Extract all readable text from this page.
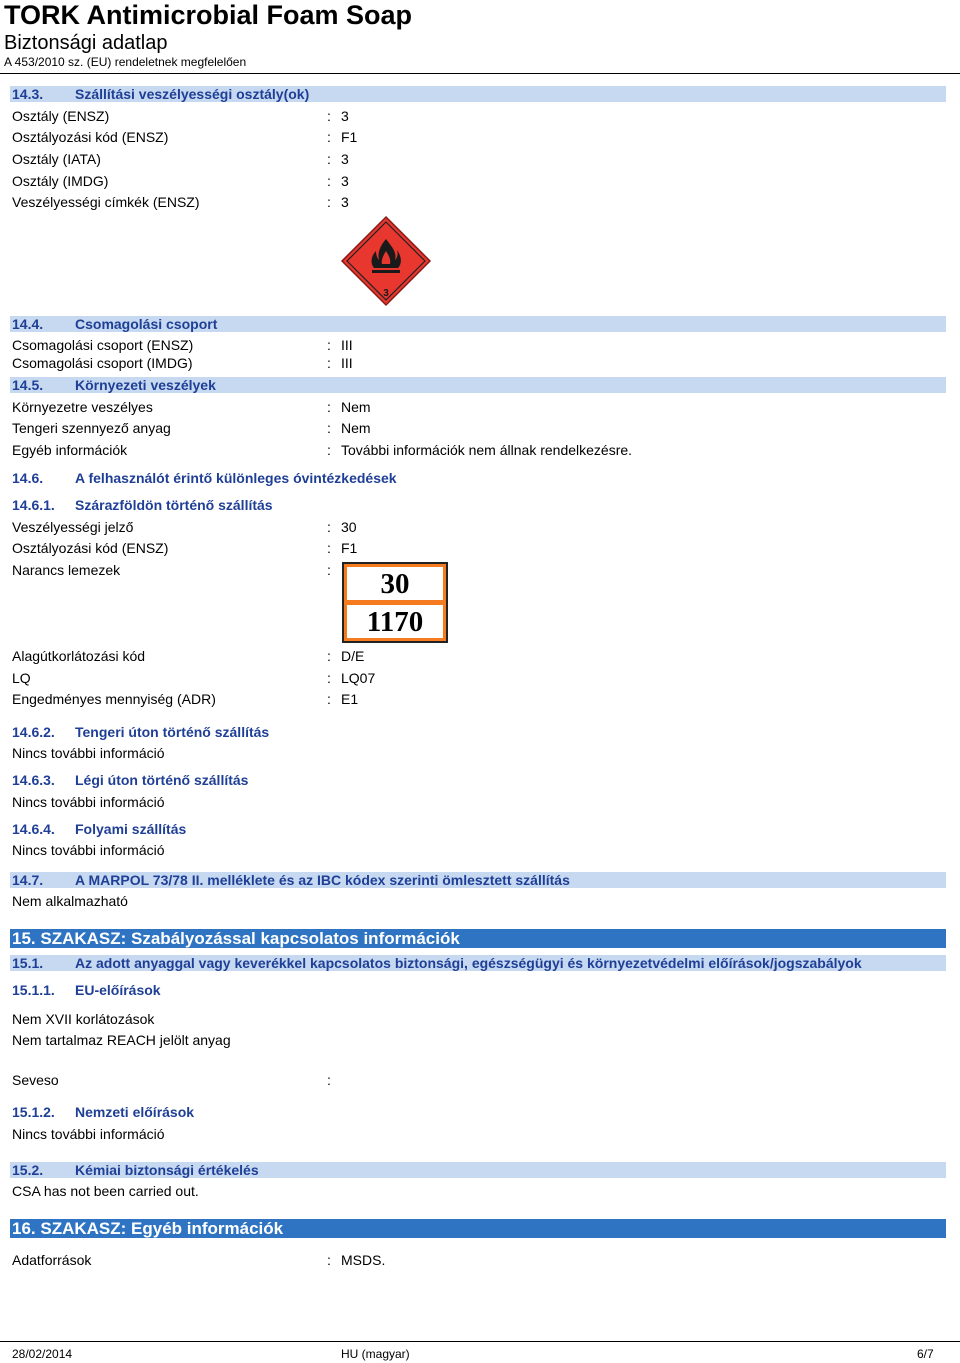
TORK Antimicrobial Foam Soap
Biztonsági adatlap
A 453/2010 sz. (EU) rendeletnek megfelelően
14.3. Szállítási veszélyességi osztály(ok)
Osztály (ENSZ)	: 3
Osztályozási kód (ENSZ)	: F1
Osztály (IATA)	: 3
Osztály (IMDG)	: 3
Veszélyességi címkék (ENSZ)	: 3
3
14.4. Csomagolási csoport
Csomagolási csoport (ENSZ)	: III
Csomagolási csoport (IMDG)	: III
14.5. Környezeti veszélyek
Környezetre veszélyes	: Nem
Tengeri szennyező anyag	: Nem
Egyéb információk	: További információk nem állnak rendelkezésre.
14.6. A felhasználót érintő különleges óvintézkedések
14.6.1. Szárazföldön történő szállítás
Veszélyességi jelző	: 30
Osztályozási kód (ENSZ)	: F1
Narancs lemezek	:	30
1170
Alagútkorlátozási kód	: D/E
LQ	: LQ07
Engedményes mennyiség (ADR)	: E1
14.6.2. Tengeri úton történő szállítás
Nincs további információ
14.6.3. Légi úton történő szállítás
Nincs további információ
14.6.4. Folyami szállítás
Nincs további információ
14.7. A MARPOL 73/78 II. melléklete és az IBC kódex szerinti ömlesztett szállítás
Nem alkalmazható
15. SZAKASZ: Szabályozással kapcsolatos információk
15.1. Az adott anyaggal vagy keverékkel kapcsolatos biztonsági, egészségügyi és környezetvédelmi előírások/jogszabályok
15.1.1. EU-előírások
Nem XVII korlátozások
Nem tartalmaz REACH jelölt anyag
Seveso	:
15.1.2. Nemzeti előírások
Nincs további információ
15.2. Kémiai biztonsági értékelés
CSA has not been carried out.
16. SZAKASZ: Egyéb információk
Adatforrások	: MSDS.
28/02/2014	HU (magyar)	6/7
